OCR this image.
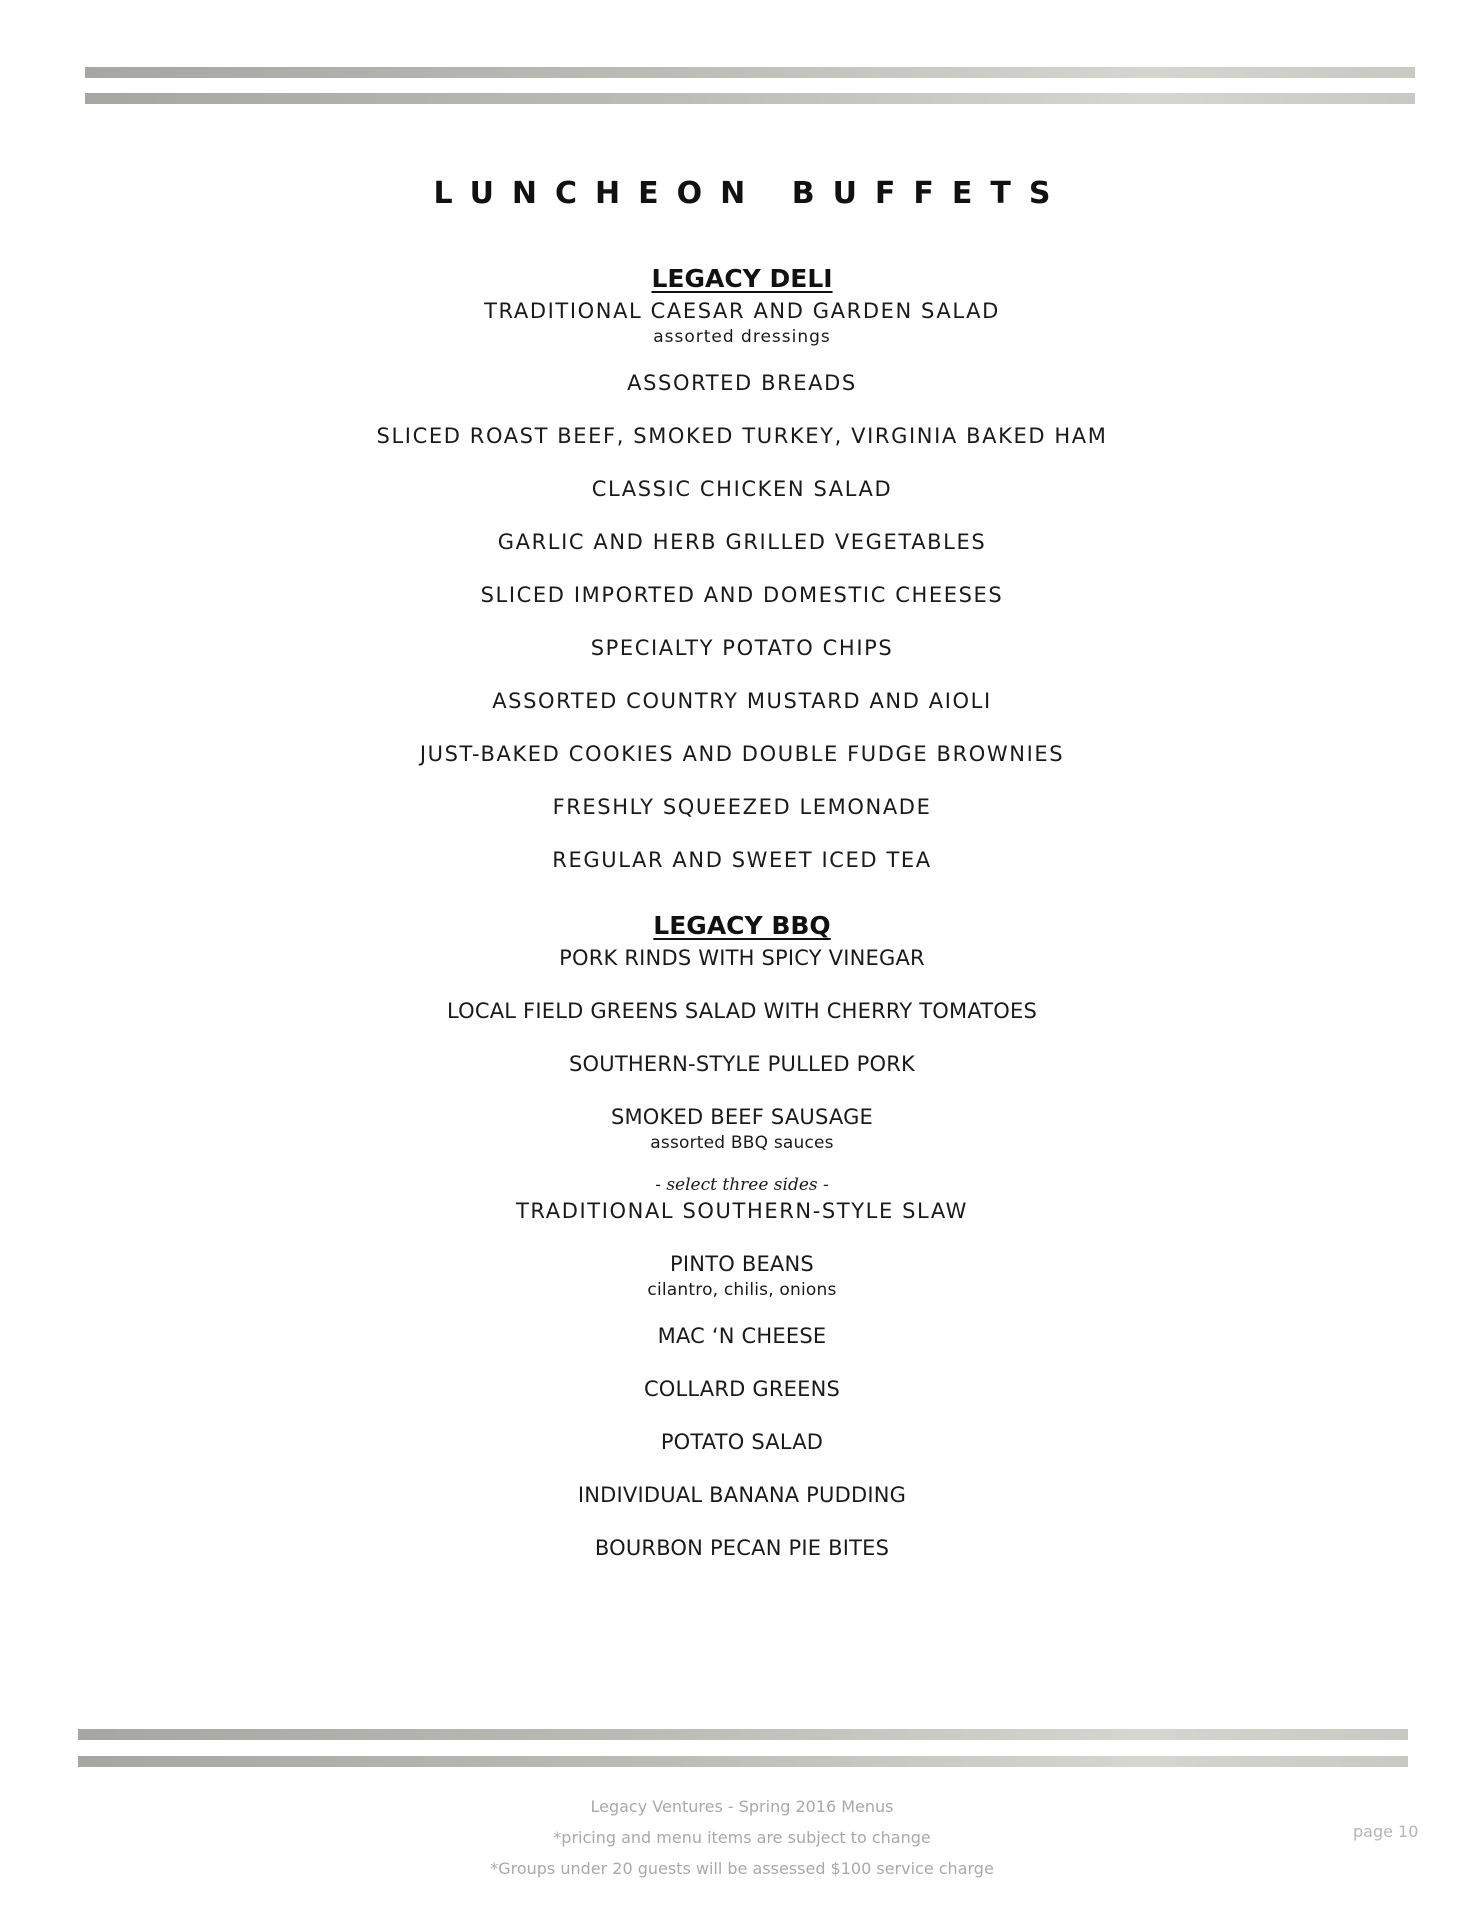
LUNCHEON BUFFETS
LEGACY DELI
TRADITIONAL CAESAR AND GARDEN SALAD
assorted dressings
ASSORTED BREADS
SLICED ROAST BEEF, SMOKED TURKEY, VIRGINIA BAKED HAM
CLASSIC CHICKEN SALAD
GARLIC AND HERB GRILLED VEGETABLES
SLICED IMPORTED AND DOMESTIC CHEESES
SPECIALTY POTATO CHIPS
ASSORTED COUNTRY MUSTARD AND AIOLI
JUST-BAKED COOKIES AND DOUBLE FUDGE BROWNIES
FRESHLY SQUEEZED LEMONADE
REGULAR AND SWEET ICED TEA
LEGACY BBQ
PORK RINDS WITH SPICY VINEGAR
LOCAL FIELD GREENS SALAD WITH CHERRY TOMATOES
SOUTHERN-STYLE PULLED PORK
SMOKED BEEF SAUSAGE
assorted BBQ sauces
- select three sides -
TRADITIONAL SOUTHERN-STYLE SLAW
PINTO BEANS
cilantro, chilis, onions
MAC ‘N CHEESE
COLLARD GREENS
POTATO SALAD
INDIVIDUAL BANANA PUDDING
BOURBON PECAN PIE BITES
Legacy Ventures - Spring 2016 Menus
*pricing and menu items are subject to change
*Groups under 20 guests will be assessed $100 service charge
page 10
